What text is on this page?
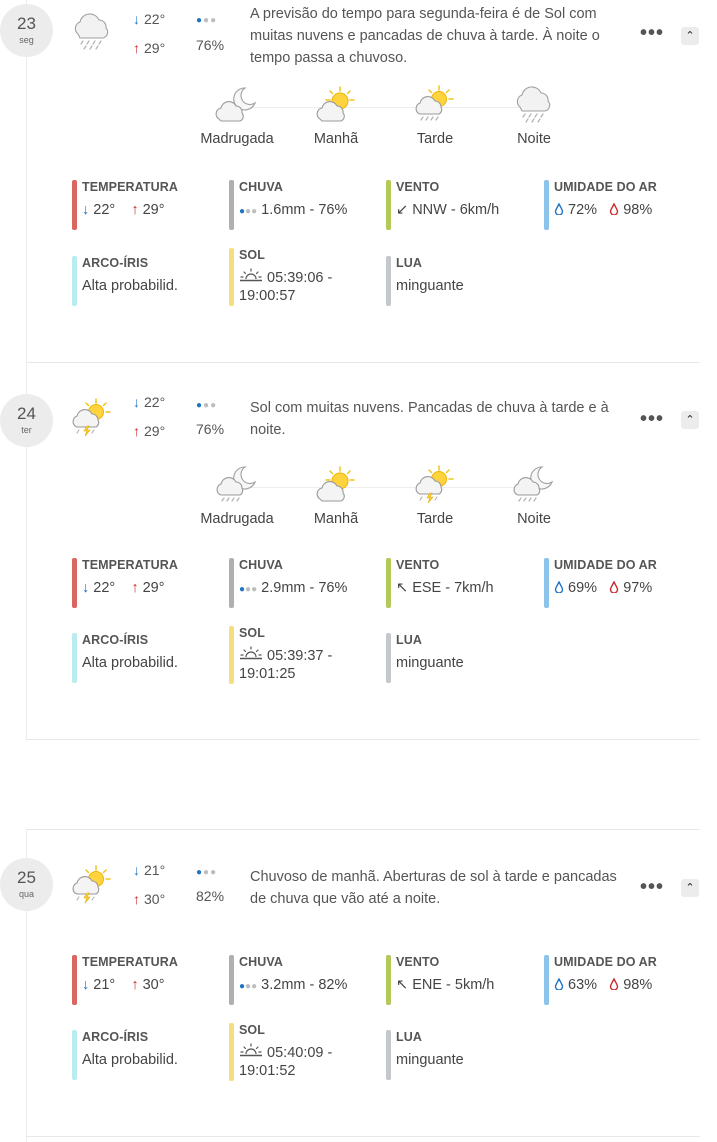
23
seg
↓ 22°
↑ 29°
●●●
76%
A previsão do tempo para segunda-feira é de Sol com muitas nuvens e pancadas de chuva à tarde. À noite o tempo passa a chuvoso.
•••	⌃
Madrugada	Manhã	Tarde	Noite
TEMPERATURA
↓ 22° ↑ 29°
CHUVA
●●● 1.6mm - 76%
VENTO
↙ NNW - 6km/h
UMIDADE DO AR
72% 98%
ARCO-ÍRIS
Alta probabilid.
SOL
05:39:06 -
19:00:57
LUA
minguante
24
ter
↓ 22°
↑ 29°
●●●
76%
Sol com muitas nuvens. Pancadas de chuva à tarde e à noite.	•••	⌃
Madrugada	Manhã	Tarde	Noite
TEMPERATURA
↓ 22° ↑ 29°
CHUVA
●●● 2.9mm - 76%
VENTO
↖ ESE - 7km/h
UMIDADE DO AR
69% 97%
ARCO-ÍRIS
Alta probabilid.
SOL
05:39:37 -
19:01:25
LUA
minguante
25
qua
↓ 21°
↑ 30°
●●●
82%
Chuvoso de manhã. Aberturas de sol à tarde e pancadas de chuva que vão até a noite.
•••	⌃
TEMPERATURA
↓ 21° ↑ 30°
CHUVA
●●● 3.2mm - 82%
VENTO
↖ ENE - 5km/h
UMIDADE DO AR
63% 98%
ARCO-ÍRIS
Alta probabilid.
SOL
05:40:09 -
19:01:52
LUA
minguante
